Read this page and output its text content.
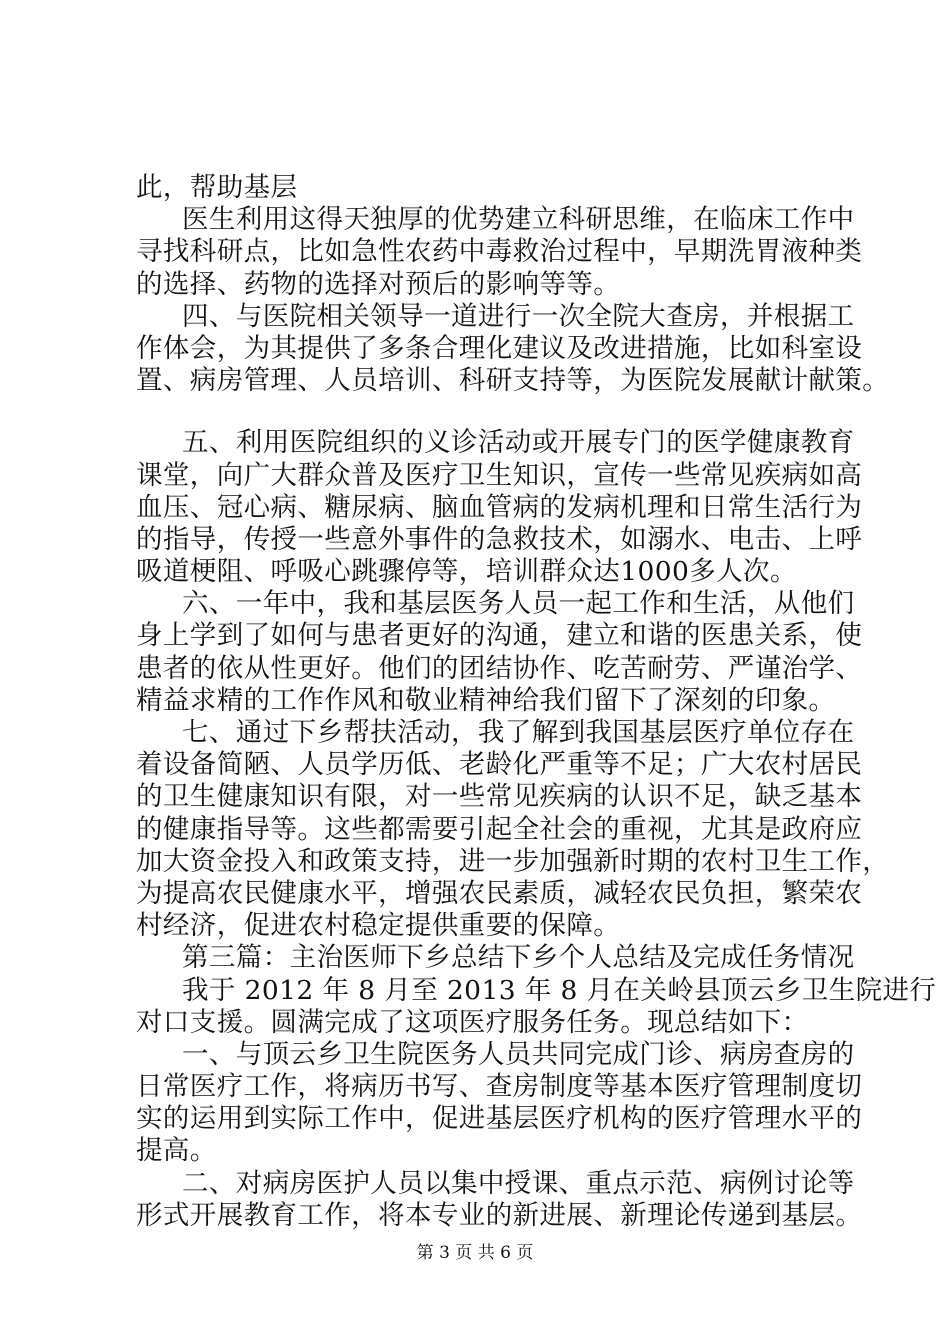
此，帮助基层
医生利用这得天独厚的优势建立科研思维，在临床工作中
寻找科研点，比如急性农药中毒救治过程中，早期洗胃液种类
的选择、药物的选择对预后的影响等等。
四、与医院相关领导一道进行一次全院大查房，并根据工
作体会，为其提供了多条合理化建议及改进措施，比如科室设
置、病房管理、人员培训、科研支持等，为医院发展献计献策。
五、利用医院组织的义诊活动或开展专门的医学健康教育
课堂，向广大群众普及医疗卫生知识，宣传一些常见疾病如高
血压、冠心病、糖尿病、脑血管病的发病机理和日常生活行为
的指导，传授一些意外事件的急救技术，如溺水、电击、上呼
吸道梗阻、呼吸心跳骤停等，培训群众达1000多人次。
六、一年中，我和基层医务人员一起工作和生活，从他们
身上学到了如何与患者更好的沟通，建立和谐的医患关系，使
患者的依从性更好。他们的团结协作、吃苦耐劳、严谨治学、
精益求精的工作作风和敬业精神给我们留下了深刻的印象。
七、通过下乡帮扶活动，我了解到我国基层医疗单位存在
着设备简陋、人员学历低、老龄化严重等不足；广大农村居民
的卫生健康知识有限，对一些常见疾病的认识不足，缺乏基本
的健康指导等。这些都需要引起全社会的重视，尤其是政府应
加大资金投入和政策支持，进一步加强新时期的农村卫生工作，
为提高农民健康水平，增强农民素质，减轻农民负担，繁荣农
村经济，促进农村稳定提供重要的保障。
第三篇：主治医师下乡总结下乡个人总结及完成任务情况
我于 2012 年 8 月至 2013 年 8 月在关岭县顶云乡卫生院进行
对口支援。圆满完成了这项医疗服务任务。现总结如下：
一、与顶云乡卫生院医务人员共同完成门诊、病房查房的
日常医疗工作，将病历书写、查房制度等基本医疗管理制度切
实的运用到实际工作中，促进基层医疗机构的医疗管理水平的
提高。
二、对病房医护人员以集中授课、重点示范、病例讨论等
形式开展教育工作，将本专业的新进展、新理论传递到基层。
第 3 页 共 6 页
